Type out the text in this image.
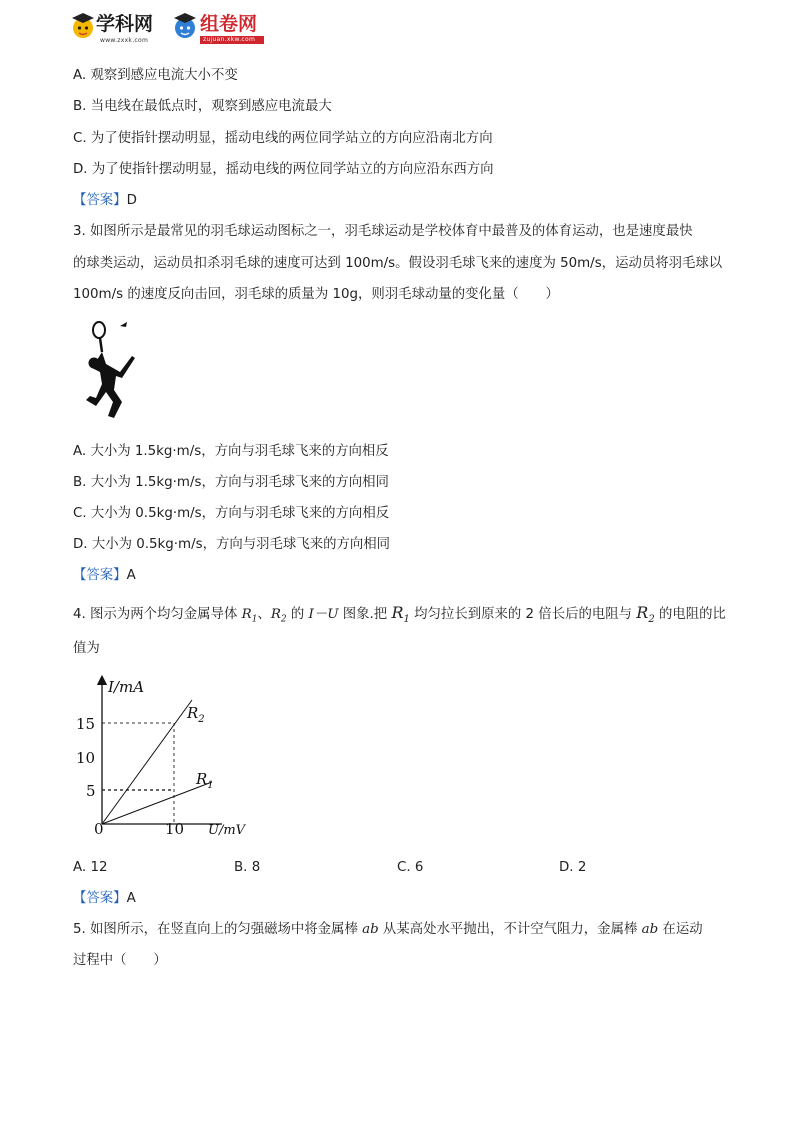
学科网
www.zxxk.com
组卷网
zujuan.xkw.com
A. 观察到感应电流大小不变
B. 当电线在最低点时，观察到感应电流最大
C. 为了使指针摆动明显，摇动电线的两位同学站立的方向应沿南北方向
D. 为了使指针摆动明显，摇动电线的两位同学站立的方向应沿东西方向
【答案】D
3. 如图所示是最常见的羽毛球运动图标之一，羽毛球运动是学校体育中最普及的体育运动，也是速度最快
的球类运动，运动员扣杀羽毛球的速度可达到 100m/s。假设羽毛球飞来的速度为 50m/s，运动员将羽毛球以
100m/s 的速度反向击回，羽毛球的质量为 10g，则羽毛球动量的变化量（　　）
A. 大小为 1.5kg·m/s，方向与羽毛球飞来的方向相反
B. 大小为 1.5kg·m/s，方向与羽毛球飞来的方向相同
C. 大小为 0.5kg·m/s，方向与羽毛球飞来的方向相反
D. 大小为 0.5kg·m/s，方向与羽毛球飞来的方向相同
【答案】A
4. 图示为两个均匀金属导体 $R_1$、$R_2$ 的 I－U 图象.把 $R_1$ 均匀拉长到原来的 2 倍长后的电阻与 $R_2$ 的电阻的比
值为
I/mA
15
10
5
0	10 U/mV
$R_2$
$R_1$
A. 12	B. 8	C. 6	D. 2
【答案】A
5. 如图所示，在竖直向上的匀强磁场中将金属棒 ab 从某高处水平抛出，不计空气阻力，金属棒 ab 在运动
过程中（　　）
